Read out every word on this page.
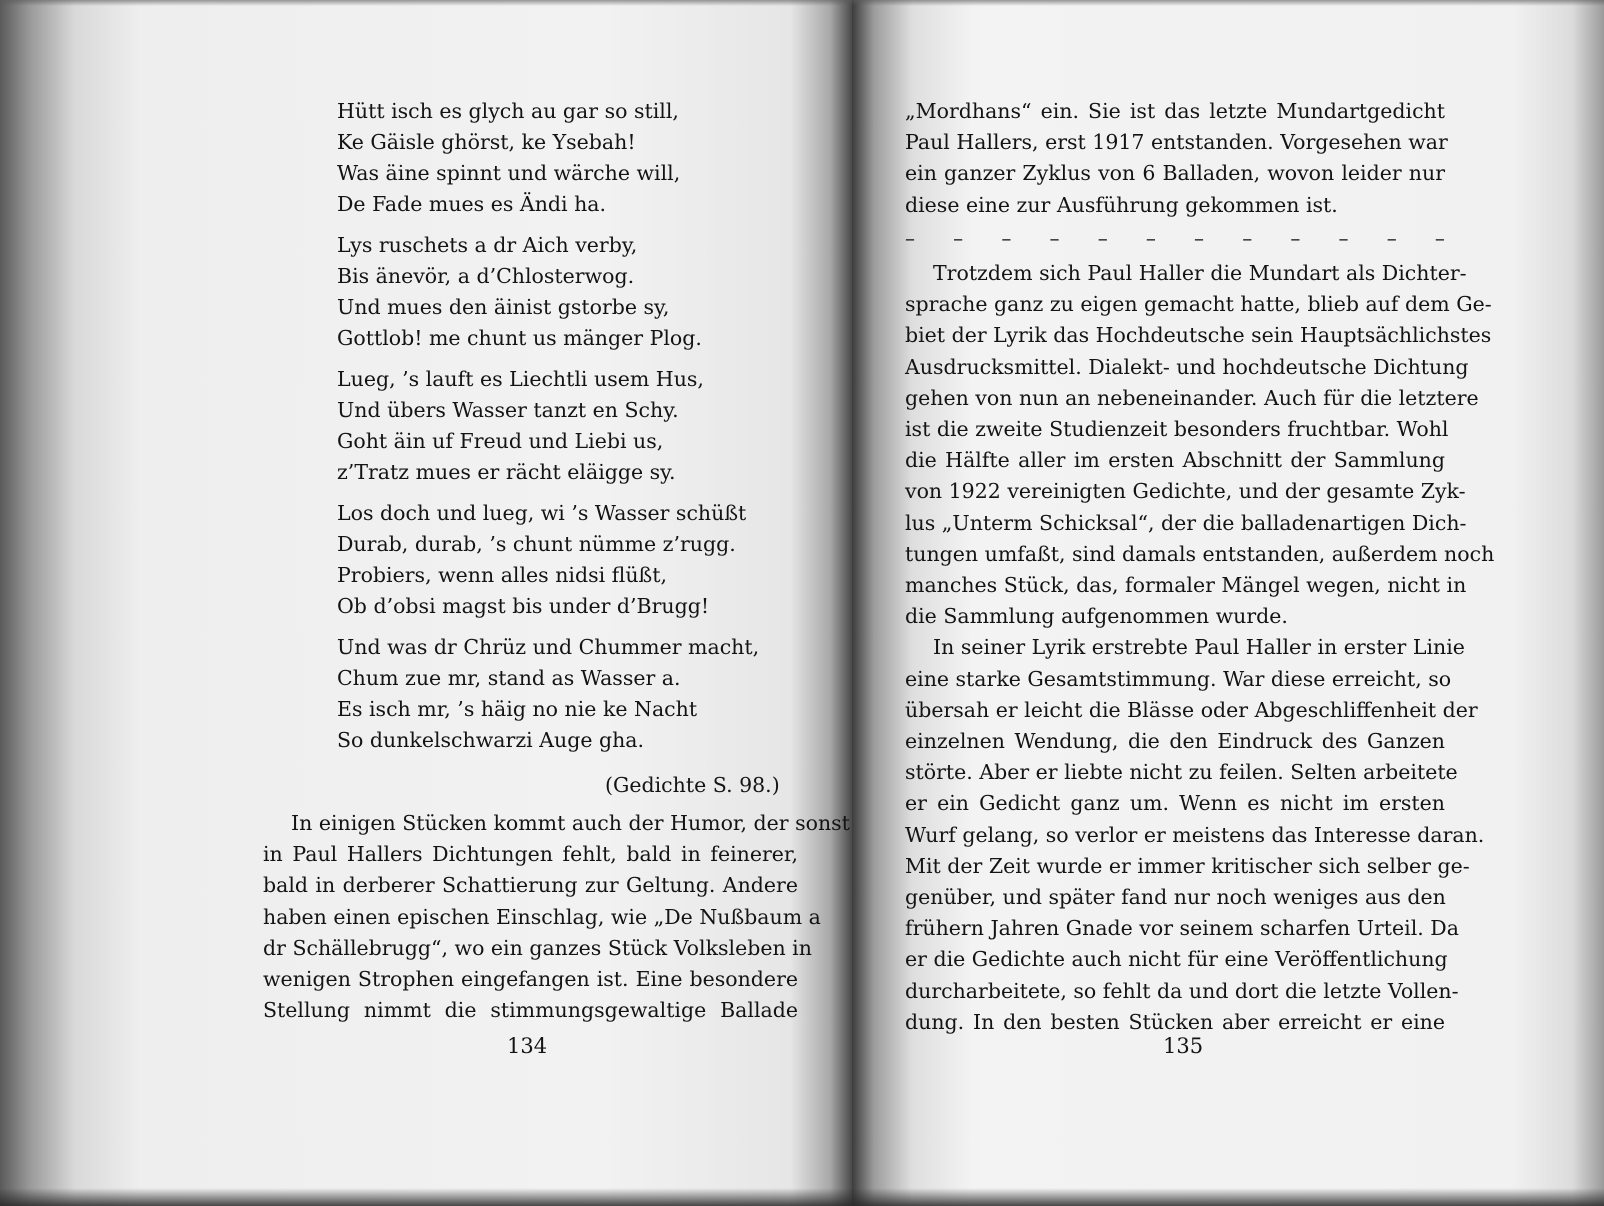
Hütt isch es glych au gar so still,
Ke Gäisle ghörst, ke Ysebah!
Was äine spinnt und wärche will,
De Fade mues es Ändi ha.
Lys ruschets a dr Aich verby,
Bis änevör, a d’Chlosterwog.
Und mues den äinist gstorbe sy,
Gottlob! me chunt us mänger Plog.
Lueg, ’s lauft es Liechtli usem Hus,
Und übers Wasser tanzt en Schy.
Goht äin uf Freud und Liebi us,
z’Tratz mues er rächt eläigge sy.
Los doch und lueg, wi ’s Wasser schüßt
Durab, durab, ’s chunt nümme z’rugg.
Probiers, wenn alles nidsi flüßt,
Ob d’obsi magst bis under d’Brugg!
Und was dr Chrüz und Chummer macht,
Chum zue mr, stand as Wasser a.
Es isch mr, ’s häig no nie ke Nacht
So dunkelschwarzi Auge gha.
(Gedichte S. 98.)
In einigen Stücken kommt auch der Humor, der sonst
in Paul Hallers Dichtungen fehlt, bald in feinerer,
bald in derberer Schattierung zur Geltung. Andere
haben einen epischen Einschlag, wie „De Nußbaum a
dr Schällebrugg“, wo ein ganzes Stück Volksleben in
wenigen Strophen eingefangen ist. Eine besondere
Stellung nimmt die stimmungsgewaltige Ballade
134
„Mordhans“ ein. Sie ist das letzte Mundartgedicht
Paul Hallers, erst 1917 entstanden. Vorgesehen war
ein ganzer Zyklus von 6 Balladen, wovon leider nur
diese eine zur Ausführung gekommen ist.
– – – – – – – – – – – –
Trotzdem sich Paul Haller die Mundart als Dichter-
sprache ganz zu eigen gemacht hatte, blieb auf dem Ge-
biet der Lyrik das Hochdeutsche sein Hauptsächlichstes
Ausdrucksmittel. Dialekt- und hochdeutsche Dichtung
gehen von nun an nebeneinander. Auch für die letztere
ist die zweite Studienzeit besonders fruchtbar. Wohl
die Hälfte aller im ersten Abschnitt der Sammlung
von 1922 vereinigten Gedichte, und der gesamte Zyk-
lus „Unterm Schicksal“, der die balladenartigen Dich-
tungen umfaßt, sind damals entstanden, außerdem noch
manches Stück, das, formaler Mängel wegen, nicht in
die Sammlung aufgenommen wurde.
In seiner Lyrik erstrebte Paul Haller in erster Linie
eine starke Gesamtstimmung. War diese erreicht, so
übersah er leicht die Blässe oder Abgeschliffenheit der
einzelnen Wendung, die den Eindruck des Ganzen
störte. Aber er liebte nicht zu feilen. Selten arbeitete
er ein Gedicht ganz um. Wenn es nicht im ersten
Wurf gelang, so verlor er meistens das Interesse daran.
Mit der Zeit wurde er immer kritischer sich selber ge-
genüber, und später fand nur noch weniges aus den
frühern Jahren Gnade vor seinem scharfen Urteil. Da
er die Gedichte auch nicht für eine Veröffentlichung
durcharbeitete, so fehlt da und dort die letzte Vollen-
dung. In den besten Stücken aber erreicht er eine
135
